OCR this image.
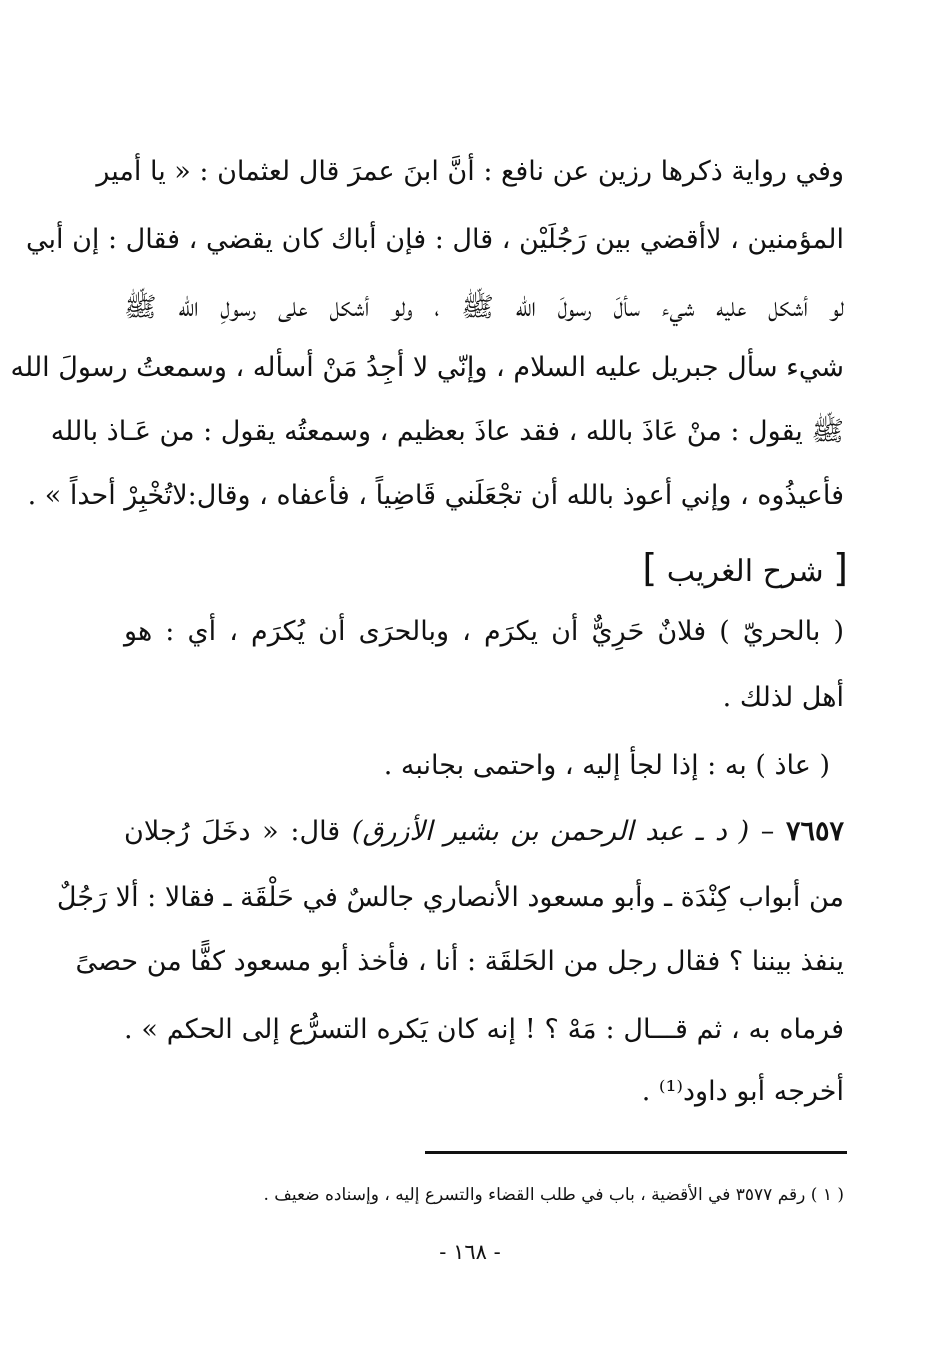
وفي رواية ذكرها رزين عن نافع : أنَّ ابنَ عمرَ قال لعثمان : « يا أمير
المؤمنين ، لاأقضي بين رَجُلَيْن ، قال : فإن أباك كان يقضي ، فقال : إن أبي
لو أشكل عليه شيء سألَ رسولَ الله ﷺ ، ولو أشكل على رسولِ الله ﷺ
شيء سأل جبريل عليه السلام ، وإنّي لا أجِدُ مَنْ أسأله ، وسمعتُ رسولَ الله
ﷺ يقول : منْ عَاذَ بالله ، فقد عاذَ بعظيم ، وسمعتُه يقول : من عَـاذ بالله
فأعيذُوه ، وإني أعوذ بالله أن تجْعَلَني قَاضِياً ، فأعفاه ، وقال:لاتُخْبِرْ أحداً » .
[ شرح الغريب ]
( بالحريّ ) فلانٌ حَرِيٌّ أن يكرَم ، وبالحرَى أن يُكرَم ، أي : هو
أهل لذلك .
( عاذ ) به : إذا لجأ إليه ، واحتمى بجانبه .
٧٦٥٧ – ( د ـ عبد الرحمن بن بشير الأزرق) قال: « دخَلَ رُجلان
من أبواب كِنْدَة ـ وأبو مسعود الأنصاري جالسٌ في حَلْقَة ـ فقالا : ألا رَجُلٌ
ينفذ بيننا ؟ فقال رجل من الحَلقَة : أنا ، فأخذ أبو مسعود كفًّا من حصىً
فرماه به ، ثم قـــال : مَهْ ؟ ! إنه كان يَكره التسرُّع إلى الحكم » .
أخرجه أبو داود⁽¹⁾ .
( ١ ) رقم ٣٥٧٧ في الأقضية ، باب في طلب القضاء والتسرع إليه ، وإسناده ضعيف .
- ١٦٨ -
